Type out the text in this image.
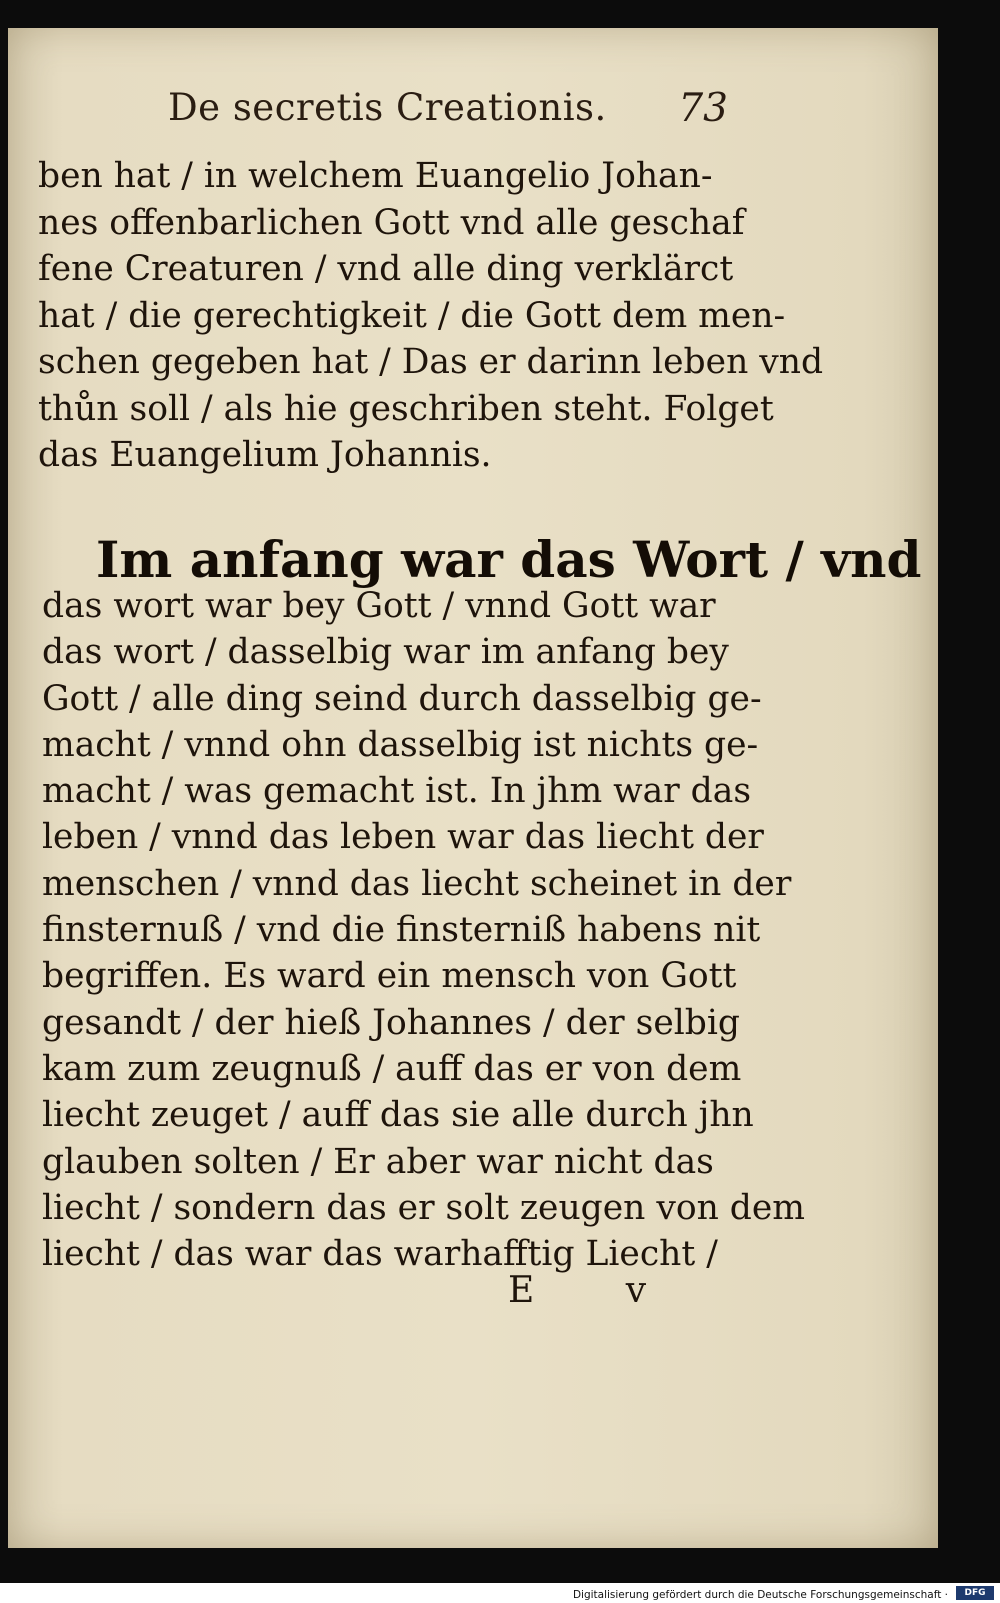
De secretis Creationis. 73
ben hat / in welchem Euangelio Johan-
nes offenbarlichen Gott vnd alle geschaf
fene Creaturen / vnd alle ding verklärct
hat / die gerechtigkeit / die Gott dem men-
schen gegeben hat / Das er darinn leben vnd
thůn soll / als hie geschriben steht. Folget
das Euangelium Johannis.
Im anfang war das Wort / vnd
das wort war bey Gott / vnnd Gott war
das wort / dasselbig war im anfang bey
Gott / alle ding seind durch dasselbig ge-
macht / vnnd ohn dasselbig ist nichts ge-
macht / was gemacht ist. In jhm war das
leben / vnnd das leben war das liecht der
menschen / vnnd das liecht scheinet in der
finsternuß / vnd die finsterniß habens nit
begriffen. Es ward ein mensch von Gott
gesandt / der hieß Johannes / der selbig
kam zum zeugnuß / auff das er von dem
liecht zeuget / auff das sie alle durch jhn
glauben solten / Er aber war nicht das
liecht / sondern das er solt zeugen von dem
liecht / das war das warhafftig Liecht /
E v
Digitalisierung gefördert durch die Deutsche Forschungsgemeinschaft ·	DFG
